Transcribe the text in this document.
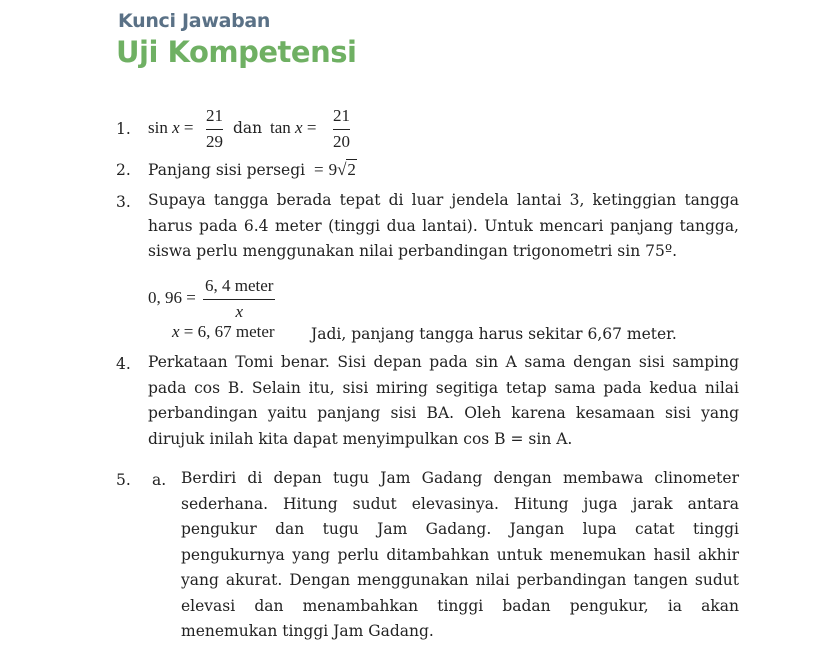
Kunci Jawaban
Uji Kompetensi
1. sin x =
21
29
dan tan x =
21
20
2. Panjang sisi persegi = 9√2
3. Supaya tangga berada tepat di luar jendela lantai 3, ketinggian tangga harus pada 6.4 meter (tinggi dua lantai). Untuk mencari panjang tangga, siswa perlu menggunakan nilai perbandingan trigonometri sin 75º.
0, 96 =
6, 4 meter
x
x = 6, 67 meter Jadi, panjang tangga harus sekitar 6,67 meter.
4. Perkataan Tomi benar. Sisi depan pada sin A sama dengan sisi samping pada cos B. Selain itu, sisi miring segitiga tetap sama pada kedua nilai perbandingan yaitu panjang sisi BA. Oleh karena kesamaan sisi yang dirujuk inilah kita dapat menyimpulkan cos B = sin A.
5. a. Berdiri di depan tugu Jam Gadang dengan membawa clinometer sederhana. Hitung sudut elevasinya. Hitung juga jarak antara pengukur dan tugu Jam Gadang. Jangan lupa catat tinggi pengukurnya yang perlu ditambahkan untuk menemukan hasil akhir yang akurat. Dengan menggunakan nilai perbandingan tangen sudut elevasi dan menambahkan tinggi badan pengukur, ia akan menemukan tinggi Jam Gadang.
